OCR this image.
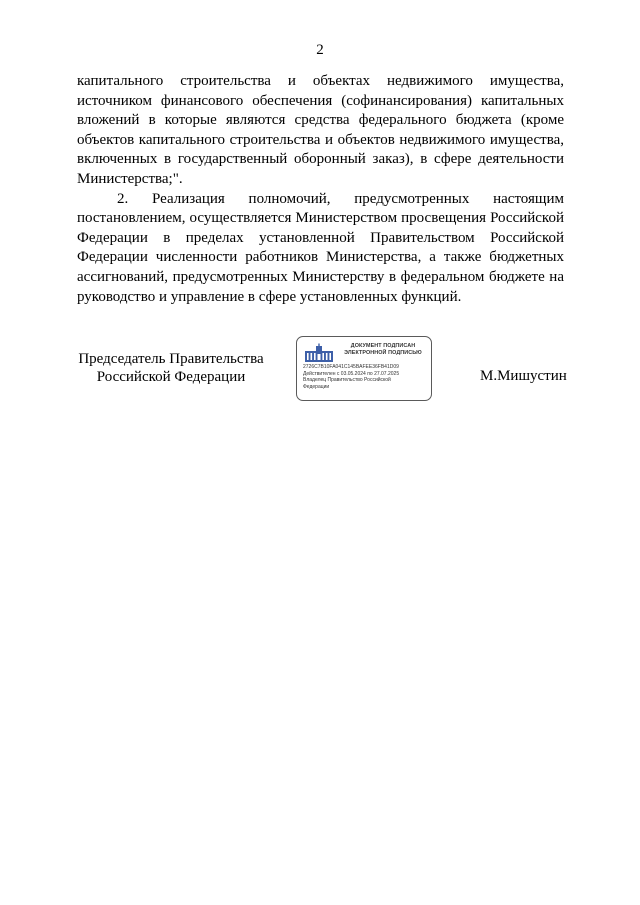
2

капитального строительства и объектах недвижимого имущества, источником финансового обеспечения (софинансирования) капитальных вложений в которые являются средства федерального бюджета (кроме объектов капитального строительства и объектов недвижимого имущества, включенных в государственный оборонный заказ), в сфере деятельности Министерства;".

2. Реализация полномочий, предусмотренных настоящим постановлением, осуществляется Министерством просвещения Российской Федерации в пределах установленной Правительством Российской Федерации численности работников Министерства, а также бюджетных ассигнований, предусмотренных Министерству в федеральном бюджете на руководство и управление в сфере установленных функций.

Председатель Правительства
Российской Федерации
ДОКУМЕНТ ПОДПИСАН
ЭЛЕКТРОННОЙ ПОДПИСЬЮ
2726C7B10FA041C145BAFEE36FB41D09
Действителен с 03.05.2024 по 27.07.2025
Владелец Правительство Российской
Федерации
М.Мишустин
